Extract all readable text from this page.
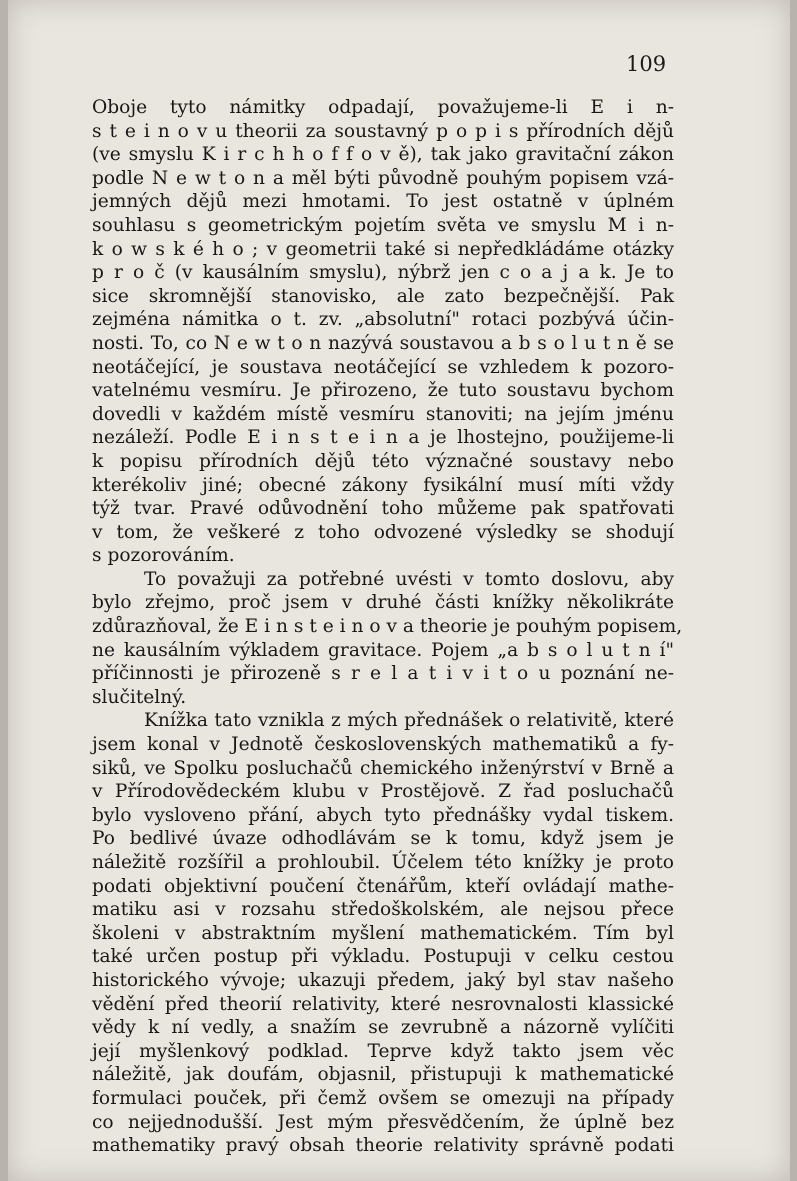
109

Oboje tyto námitky odpadají, považujeme-li E i n-
s t e i n o v u theorii za soustavný p o p i s přírodních dějů
(ve smyslu K i r c h h o f f o v ě), tak jako gravitační zákon
podle N e w t o n a měl býti původně pouhým popisem vzá-
jemných dějů mezi hmotami. To jest ostatně v úplném
souhlasu s geometrickým pojetím světa ve smyslu M i n-
k o w s k é h o ; v geometrii také si nepředkládáme otázky
p r o č (v kausálním smyslu), nýbrž jen c o a j a k. Je to
sice skromnější stanovisko, ale zato bezpečnější. Pak
zejména námitka o t. zv. „absolutní" rotaci pozbývá účin-
nosti. To, co N e w t o n nazývá soustavou a b s o l u t n ě se
neotáčející, je soustava neotáčející se vzhledem k pozoro-
vatelnému vesmíru. Je přirozeno, že tuto soustavu bychom
dovedli v každém místě vesmíru stanoviti; na jejím jménu
nezáleží. Podle E i n s t e i n a je lhostejno, použijeme-li
k popisu přírodních dějů této význačné soustavy nebo
kterékoliv jiné; obecné zákony fysikální musí míti vždy
týž tvar. Pravé odůvodnění toho můžeme pak spatřovati
v tom, že veškeré z toho odvozené výsledky se shodují
s pozorováním.

To považuji za potřebné uvésti v tomto doslovu, aby
bylo zřejmo, proč jsem v druhé části knížky několikráte
zdůrazňoval, že E i n s t e i n o v a theorie je pouhým popisem,
ne kausálním výkladem gravitace. Pojem „a b s o l u t n í"
příčinnosti je přirozeně s r e l a t i v i t o u poznání ne-
slučitelný.

Knížka tato vznikla z mých přednášek o relativitě, které
jsem konal v Jednotě československých mathematiků a fy-
siků, ve Spolku posluchačů chemického inženýrství v Brně a
v Přírodovědeckém klubu v Prostějově. Z řad posluchačů
bylo vysloveno přání, abych tyto přednášky vydal tiskem.
Po bedlivé úvaze odhodlávám se k tomu, když jsem je
náležitě rozšířil a prohloubil. Účelem této knížky je proto
podati objektivní poučení čtenářům, kteří ovládají mathe-
matiku asi v rozsahu středoškolském, ale nejsou přece
školeni v abstraktním myšlení mathematickém. Tím byl
také určen postup při výkladu. Postupuji v celku cestou
historického vývoje; ukazuji předem, jaký byl stav našeho
vědění před theorií relativity, které nesrovnalosti klassické
vědy k ní vedly, a snažím se zevrubně a názorně vylíčiti
její myšlenkový podklad. Teprve když takto jsem věc
náležitě, jak doufám, objasnil, přistupuji k mathematické
formulaci pouček, při čemž ovšem se omezuji na případy
co nejjednodušší. Jest mým přesvědčením, že úplně bez
mathematiky pravý obsah theorie relativity správně podati
